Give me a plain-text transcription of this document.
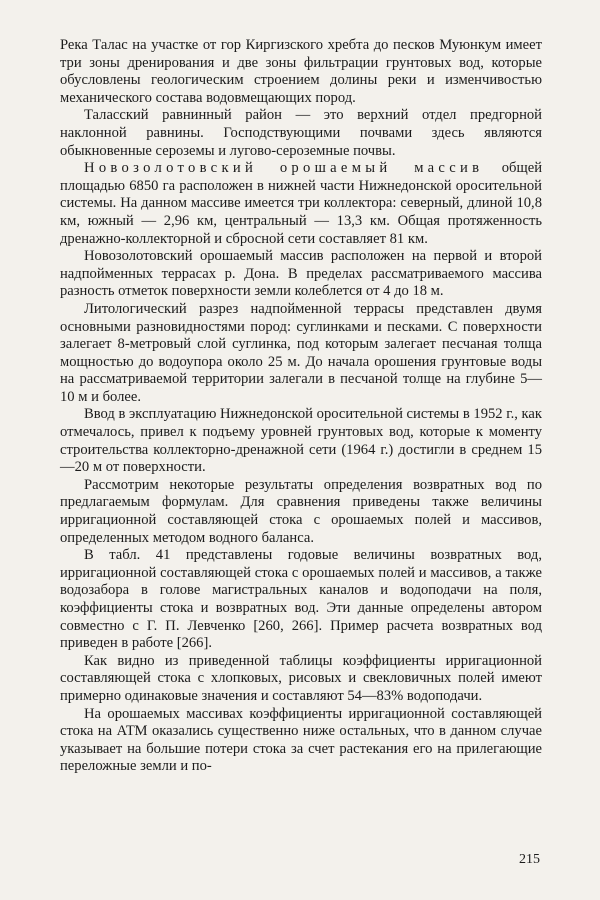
Река Талас на участке от гор Киргизского хребта до песков Муюнкум имеет три зоны дренирования и две зоны фильтрации грунтовых вод, которые обусловлены геологическим строением долины реки и изменчивостью механического состава водовмещающих пород.

Таласский равнинный район — это верхний отдел предгорной наклонной равнины. Господствующими почвами здесь являются обыкновенные сероземы и лугово-сероземные почвы.

Новозолотовский орошаемый массив общей площадью 6850 га расположен в нижней части Нижнедонской оросительной системы. На данном массиве имеется три коллектора: северный, длиной 10,8 км, южный — 2,96 км, центральный — 13,3 км. Общая протяженность дренажно-коллекторной и сбросной сети составляет 81 км.

Новозолотовский орошаемый массив расположен на первой и второй надпойменных террасах р. Дона. В пределах рассматриваемого массива разность отметок поверхности земли колеблется от 4 до 18 м.

Литологический разрез надпойменной террасы представлен двумя основными разновидностями пород: суглинками и песками. С поверхности залегает 8-метровый слой суглинка, под которым залегает песчаная толща мощностью до водоупора около 25 м. До начала орошения грунтовые воды на рассматриваемой территории залегали в песчаной толще на глубине 5—10 м и более.

Ввод в эксплуатацию Нижнедонской оросительной системы в 1952 г., как отмечалось, привел к подъему уровней грунтовых вод, которые к моменту строительства коллекторно-дренажной сети (1964 г.) достигли в среднем 15—20 м от поверхности.

Рассмотрим некоторые результаты определения возвратных вод по предлагаемым формулам. Для сравнения приведены также величины ирригационной составляющей стока с орошаемых полей и массивов, определенных методом водного баланса.

В табл. 41 представлены годовые величины возвратных вод, ирригационной составляющей стока с орошаемых полей и массивов, а также водозабора в голове магистральных каналов и водоподачи на поля, коэффициенты стока и возвратных вод. Эти данные определены автором совместно с Г. П. Левченко [260, 266]. Пример расчета возвратных вод приведен в работе [266].

Как видно из приведенной таблицы коэффициенты ирригационной составляющей стока с хлопковых, рисовых и свекловичных полей имеют примерно одинаковые значения и составляют 54—83% водоподачи.

На орошаемых массивах коэффициенты ирригационной составляющей стока на АТМ оказались существенно ниже остальных, что в данном случае указывает на большие потери стока за счет растекания его на прилегающие переложные земли и по-

215
